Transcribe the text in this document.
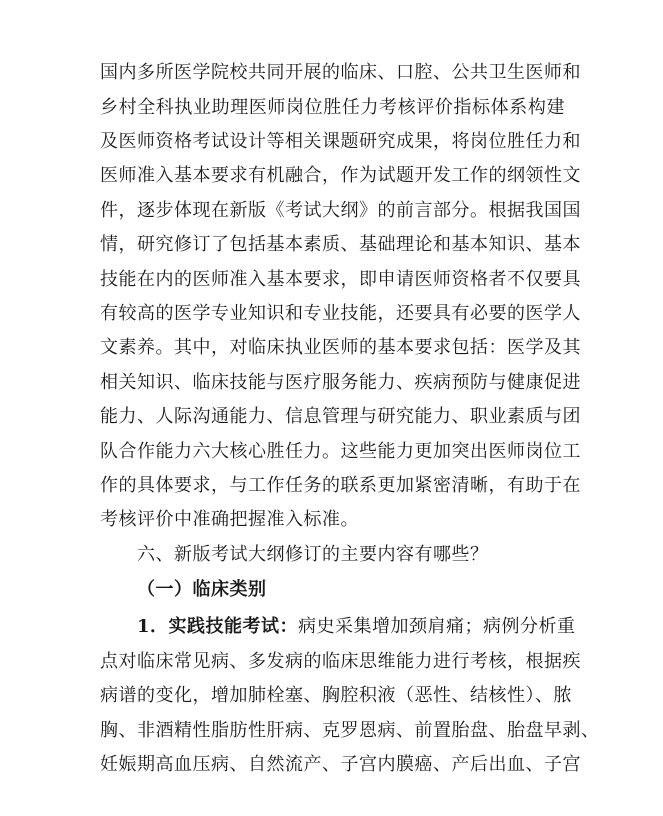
国内多所医学院校共同开展的临床、口腔、公共卫生医师和
乡村全科执业助理医师岗位胜任力考核评价指标体系构建
及医师资格考试设计等相关课题研究成果，将岗位胜任力和
医师准入基本要求有机融合，作为试题开发工作的纲领性文
件，逐步体现在新版《考试大纲》的前言部分。根据我国国
情，研究修订了包括基本素质、基础理论和基本知识、基本
技能在内的医师准入基本要求，即申请医师资格者不仅要具
有较高的医学专业知识和专业技能，还要具有必要的医学人
文素养。其中，对临床执业医师的基本要求包括：医学及其
相关知识、临床技能与医疗服务能力、疾病预防与健康促进
能力、人际沟通能力、信息管理与研究能力、职业素质与团
队合作能力六大核心胜任力。这些能力更加突出医师岗位工
作的具体要求，与工作任务的联系更加紧密清晰，有助于在
考核评价中准确把握准入标准。
六、新版考试大纲修订的主要内容有哪些？
（一）临床类别
1．实践技能考试：病史采集增加颈肩痛；病例分析重
点对临床常见病、多发病的临床思维能力进行考核，根据疾
病谱的变化，增加肺栓塞、胸腔积液（恶性、结核性）、脓
胸、非酒精性脂肪性肝病、克罗恩病、前置胎盘、胎盘早剥、
妊娠期高血压病、自然流产、子宫内膜癌、产后出血、子宫
